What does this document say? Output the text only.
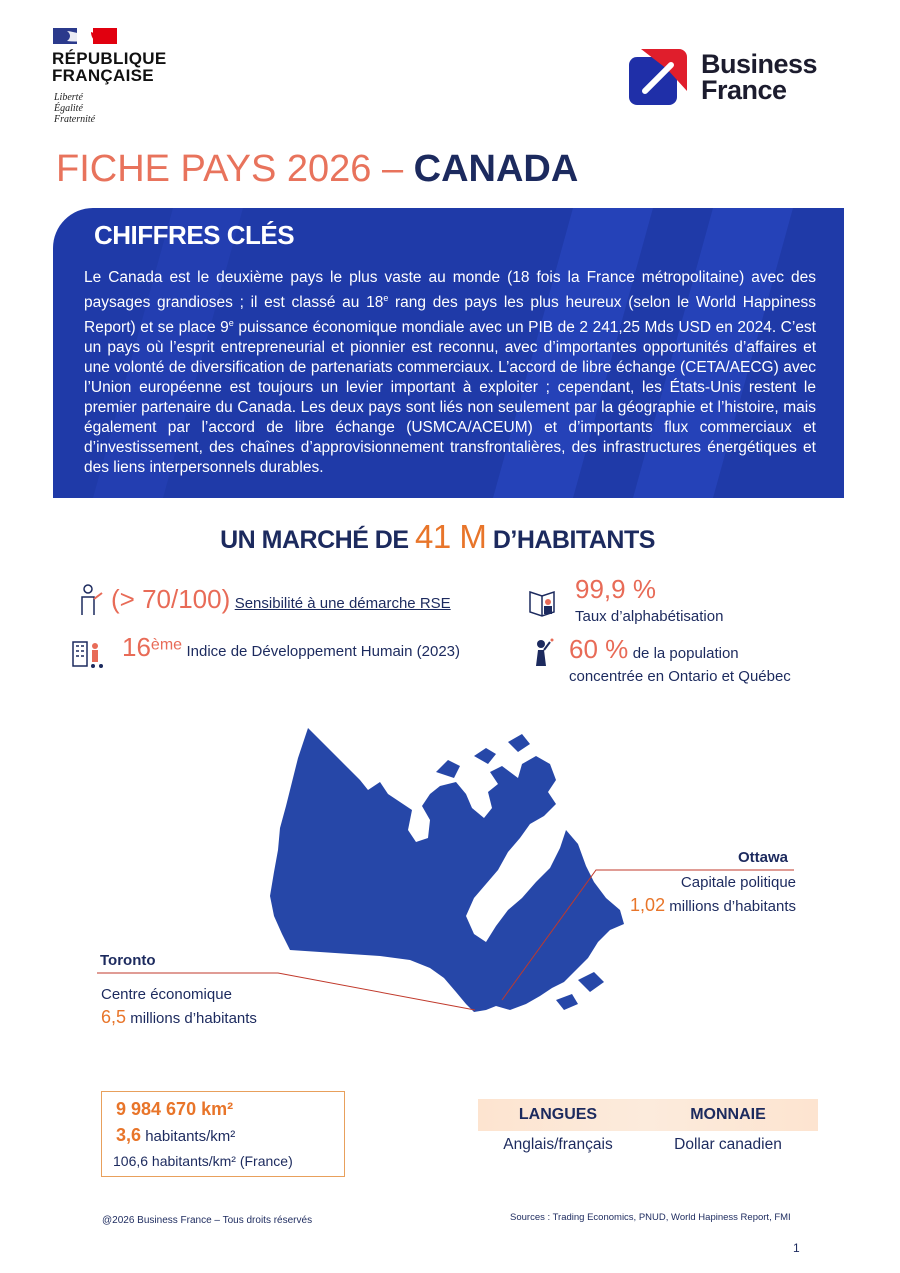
RÉPUBLIQUE
FRANÇAISE
Liberté
Égalité
Fraternité
Business
France
FICHE PAYS 2026 – CANADA
CHIFFRES CLÉS
Le Canada est le deuxième pays le plus vaste au monde (18 fois la France métropolitaine) avec des paysages grandioses ; il est classé au 18e rang des pays les plus heureux (selon le World Happiness Report) et se place 9e puissance économique mondiale avec un PIB de 2 241,25 Mds USD en 2024. C’est un pays où l’esprit entrepreneurial et pionnier est reconnu, avec d’importantes opportunités d’affaires et une volonté de diversification de partenariats commerciaux. L’accord de libre échange (CETA/AECG) avec l’Union européenne est toujours un levier important à exploiter ; cependant, les États-Unis restent le premier partenaire du Canada. Les deux pays sont liés non seulement par la géographie et l’histoire, mais également par l’accord de libre échange (USMCA/ACEUM) et d’importants flux commerciaux et d’investissement, des chaînes d’approvisionnement transfrontalières, des infrastructures énergétiques et des liens interpersonnels durables.
UN MARCHÉ DE 41 M D’HABITANTS
(> 70/100) Sensibilité à une démarche RSE
16ème Indice de Développement Humain (2023)
99,9 %
Taux d’alphabétisation
60 % de la population
concentrée en Ontario et Québec
Ottawa
Capitale politique
1,02 millions d’habitants
Toronto
Centre économique
6,5 millions d’habitants
9 984 670 km²
3,6 habitants/km²
106,6 habitants/km² (France)
LANGUES	MONNAIE
Anglais/français	Dollar canadien
@2026 Business France – Tous droits réservés	Sources : Trading Economics, PNUD, World Hapiness Report, FMI
1
